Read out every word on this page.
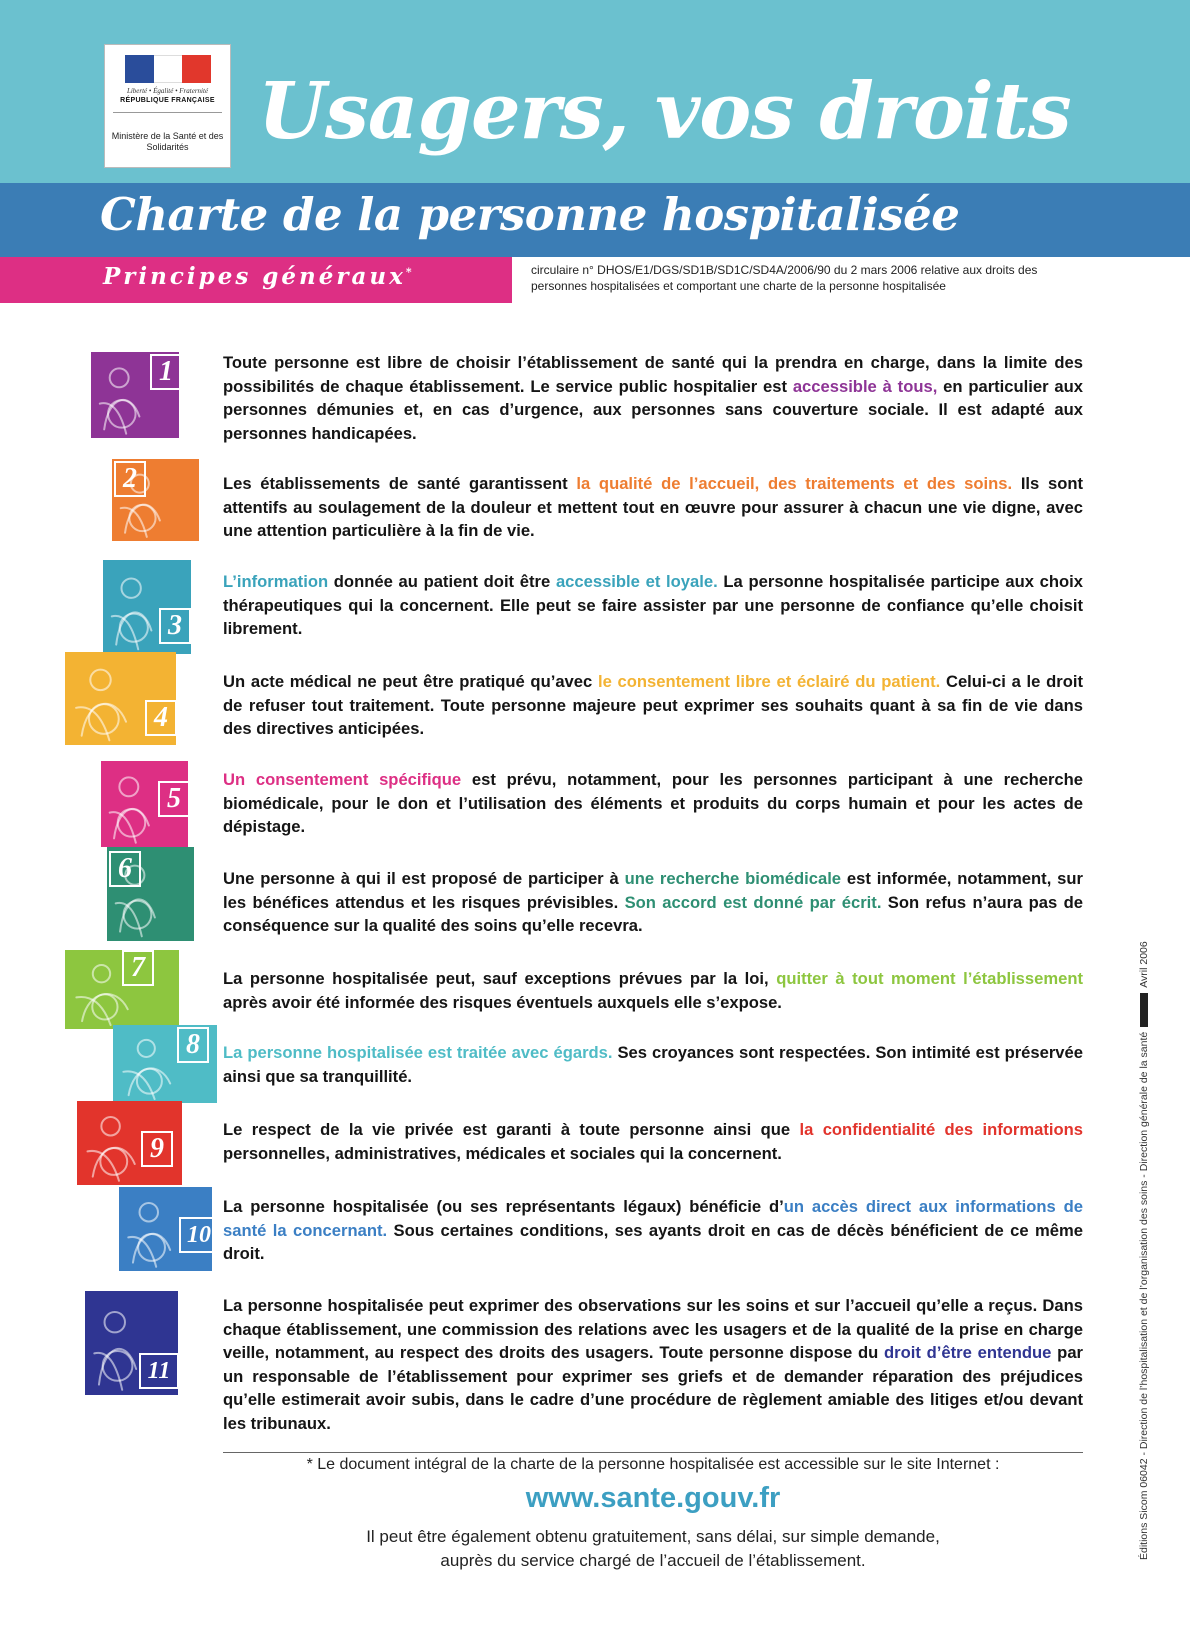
Liberté • Égalité • Fraternité
RÉPUBLIQUE FRANÇAISE
Ministère de la Santé et des Solidarités Usagers, vos droits
Charte de la personne hospitalisée
Principes généraux*	circulaire n° DHOS/E1/DGS/SD1B/SD1C/SD4A/2006/90 du 2 mars 2006 relative aux droits des personnes hospitalisées et comportant une charte de la personne hospitalisée
1	Toute personne est libre de choisir l’établissement de santé qui la prendra en charge, dans la limite des possibilités de chaque établissement. Le service public hospitalier est accessible à tous, en particulier aux personnes démunies et, en cas d’urgence, aux personnes sans couverture sociale. Il est adapté aux personnes handicapées.
2	Les établissements de santé garantissent la qualité de l’accueil, des traitements et des soins. Ils sont attentifs au soulagement de la douleur et mettent tout en œuvre pour assurer à chacun une vie digne, avec une attention particulière à la fin de vie.
3
L’information donnée au patient doit être accessible et loyale. La personne hospitalisée participe aux choix thérapeutiques qui la concernent. Elle peut se faire assister par une personne de confiance qu’elle choisit librement.
4
Un acte médical ne peut être pratiqué qu’avec le consentement libre et éclairé du patient. Celui-ci a le droit de refuser tout traitement. Toute personne majeure peut exprimer ses souhaits quant à sa fin de vie dans des directives anticipées.
5
Un consentement spécifique est prévu, notamment, pour les personnes participant à une recherche biomédicale, pour le don et l’utilisation des éléments et produits du corps humain et pour les actes de dépistage.
6	Une personne à qui il est proposé de participer à une recherche biomédicale est informée, notamment, sur les bénéfices attendus et les risques prévisibles. Son accord est donné par écrit. Son refus n’aura pas de conséquence sur la qualité des soins qu’elle recevra.
7	La personne hospitalisée peut, sauf exceptions prévues par la loi, quitter à tout moment l’établissement après avoir été informée des risques éventuels auxquels elle s’expose.
8	La personne hospitalisée est traitée avec égards. Ses croyances sont respectées. Son intimité est préservée ainsi que sa tranquillité.
9
Le respect de la vie privée est garanti à toute personne ainsi que la confidentialité des informations personnelles, administratives, médicales et sociales qui la concernent.
10
La personne hospitalisée (ou ses représentants légaux) bénéficie d’un accès direct aux informations de santé la concernant. Sous certaines conditions, ses ayants droit en cas de décès bénéficient de ce même droit.
11
La personne hospitalisée peut exprimer des observations sur les soins et sur l’accueil qu’elle a reçus. Dans chaque établissement, une commission des relations avec les usagers et de la qualité de la prise en charge veille, notamment, au respect des droits des usagers. Toute personne dispose du droit d’être entendue par un responsable de l’établissement pour exprimer ses griefs et de demander réparation des préjudices qu’elle estimerait avoir subis, dans le cadre d’une procédure de règlement amiable des litiges et/ou devant les tribunaux.
* Le document intégral de la charte de la personne hospitalisée est accessible sur le site Internet :
www.sante.gouv.fr
Il peut être également obtenu gratuitement, sans délai, sur simple demande,
auprès du service chargé de l’accueil de l’établissement.
Éditions Sicom 06042 - Direction de l’hospitalisation et de l’organisation des soins - Direction générale de la santéAvril 2006
